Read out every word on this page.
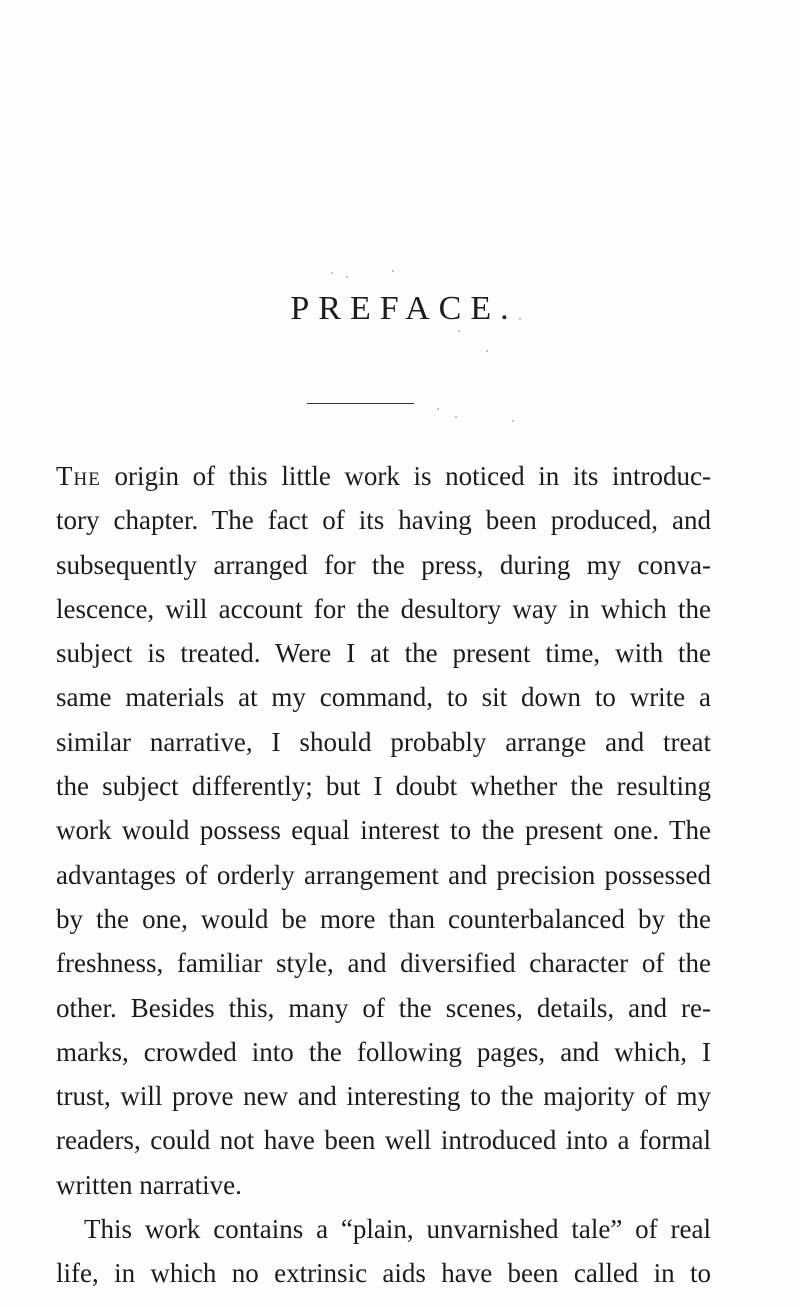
PREFACE.
The origin of this little work is noticed in its introduc-
tory chapter. The fact of its having been produced, and
subsequently arranged for the press, during my conva-
lescence, will account for the desultory way in which the
subject is treated. Were I at the present time, with the
same materials at my command, to sit down to write a
similar narrative, I should probably arrange and treat
the subject differently; but I doubt whether the resulting
work would possess equal interest to the present one. The
advantages of orderly arrangement and precision possessed
by the one, would be more than counterbalanced by the
freshness, familiar style, and diversified character of the
other. Besides this, many of the scenes, details, and re-
marks, crowded into the following pages, and which, I
trust, will prove new and interesting to the majority of my
readers, could not have been well introduced into a formal
written narrative.
This work contains a “plain, unvarnished tale” of real
life, in which no extrinsic aids have been called in to
